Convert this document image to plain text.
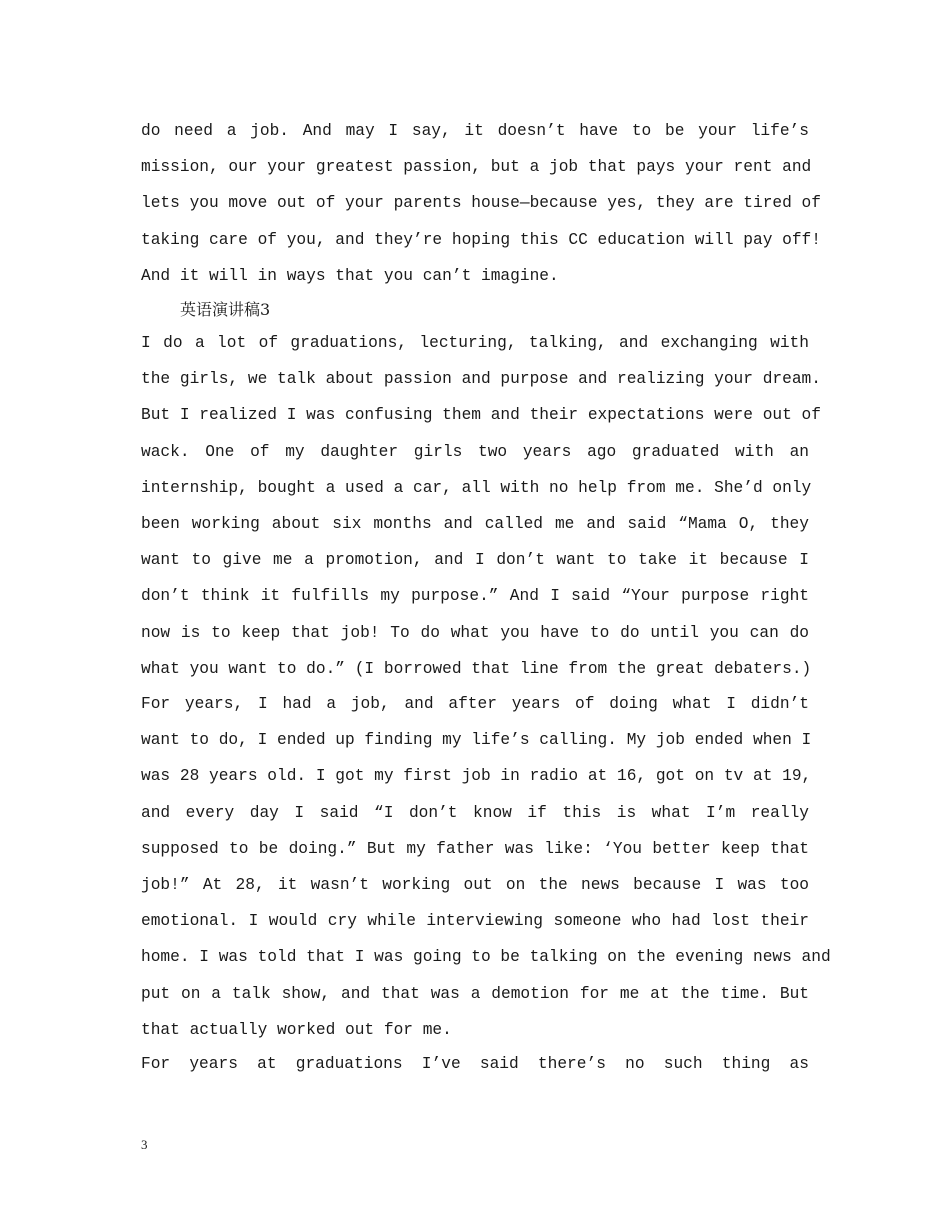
do need a job. And may I say, it doesn’t have to be your life’s
mission, our your greatest passion, but a job that pays your rent and
lets you move out of your parents house—because yes, they are tired of
taking care of you, and they’re hoping this CC education will pay off!
And it will in ways that you can’t imagine.
英语演讲稿3
I do a lot of graduations, lecturing, talking, and exchanging with
the girls, we talk about passion and purpose and realizing your dream.
But I realized I was confusing them and their expectations were out of
wack. One of my daughter girls two years ago graduated with an
internship, bought a used a car, all with no help from me. She’d only
been working about six months and called me and said “Mama O, they
want to give me a promotion, and I don’t want to take it because I
don’t think it fulfills my purpose.” And I said “Your purpose right
now is to keep that job! To do what you have to do until you can do
what you want to do.” (I borrowed that line from the great debaters.)
For years, I had a job, and after years of doing what I didn’t
want to do, I ended up finding my life’s calling. My job ended when I
was 28 years old. I got my first job in radio at 16, got on tv at 19,
and every day I said “I don’t know if this is what I’m really
supposed to be doing.” But my father was like: ‘You better keep that
job!” At 28, it wasn’t working out on the news because I was too
emotional. I would cry while interviewing someone who had lost their
home. I was told that I was going to be talking on the evening news and
put on a talk show, and that was a demotion for me at the time. But
that actually worked out for me.
For years at graduations I’ve said there’s no such thing as
3
